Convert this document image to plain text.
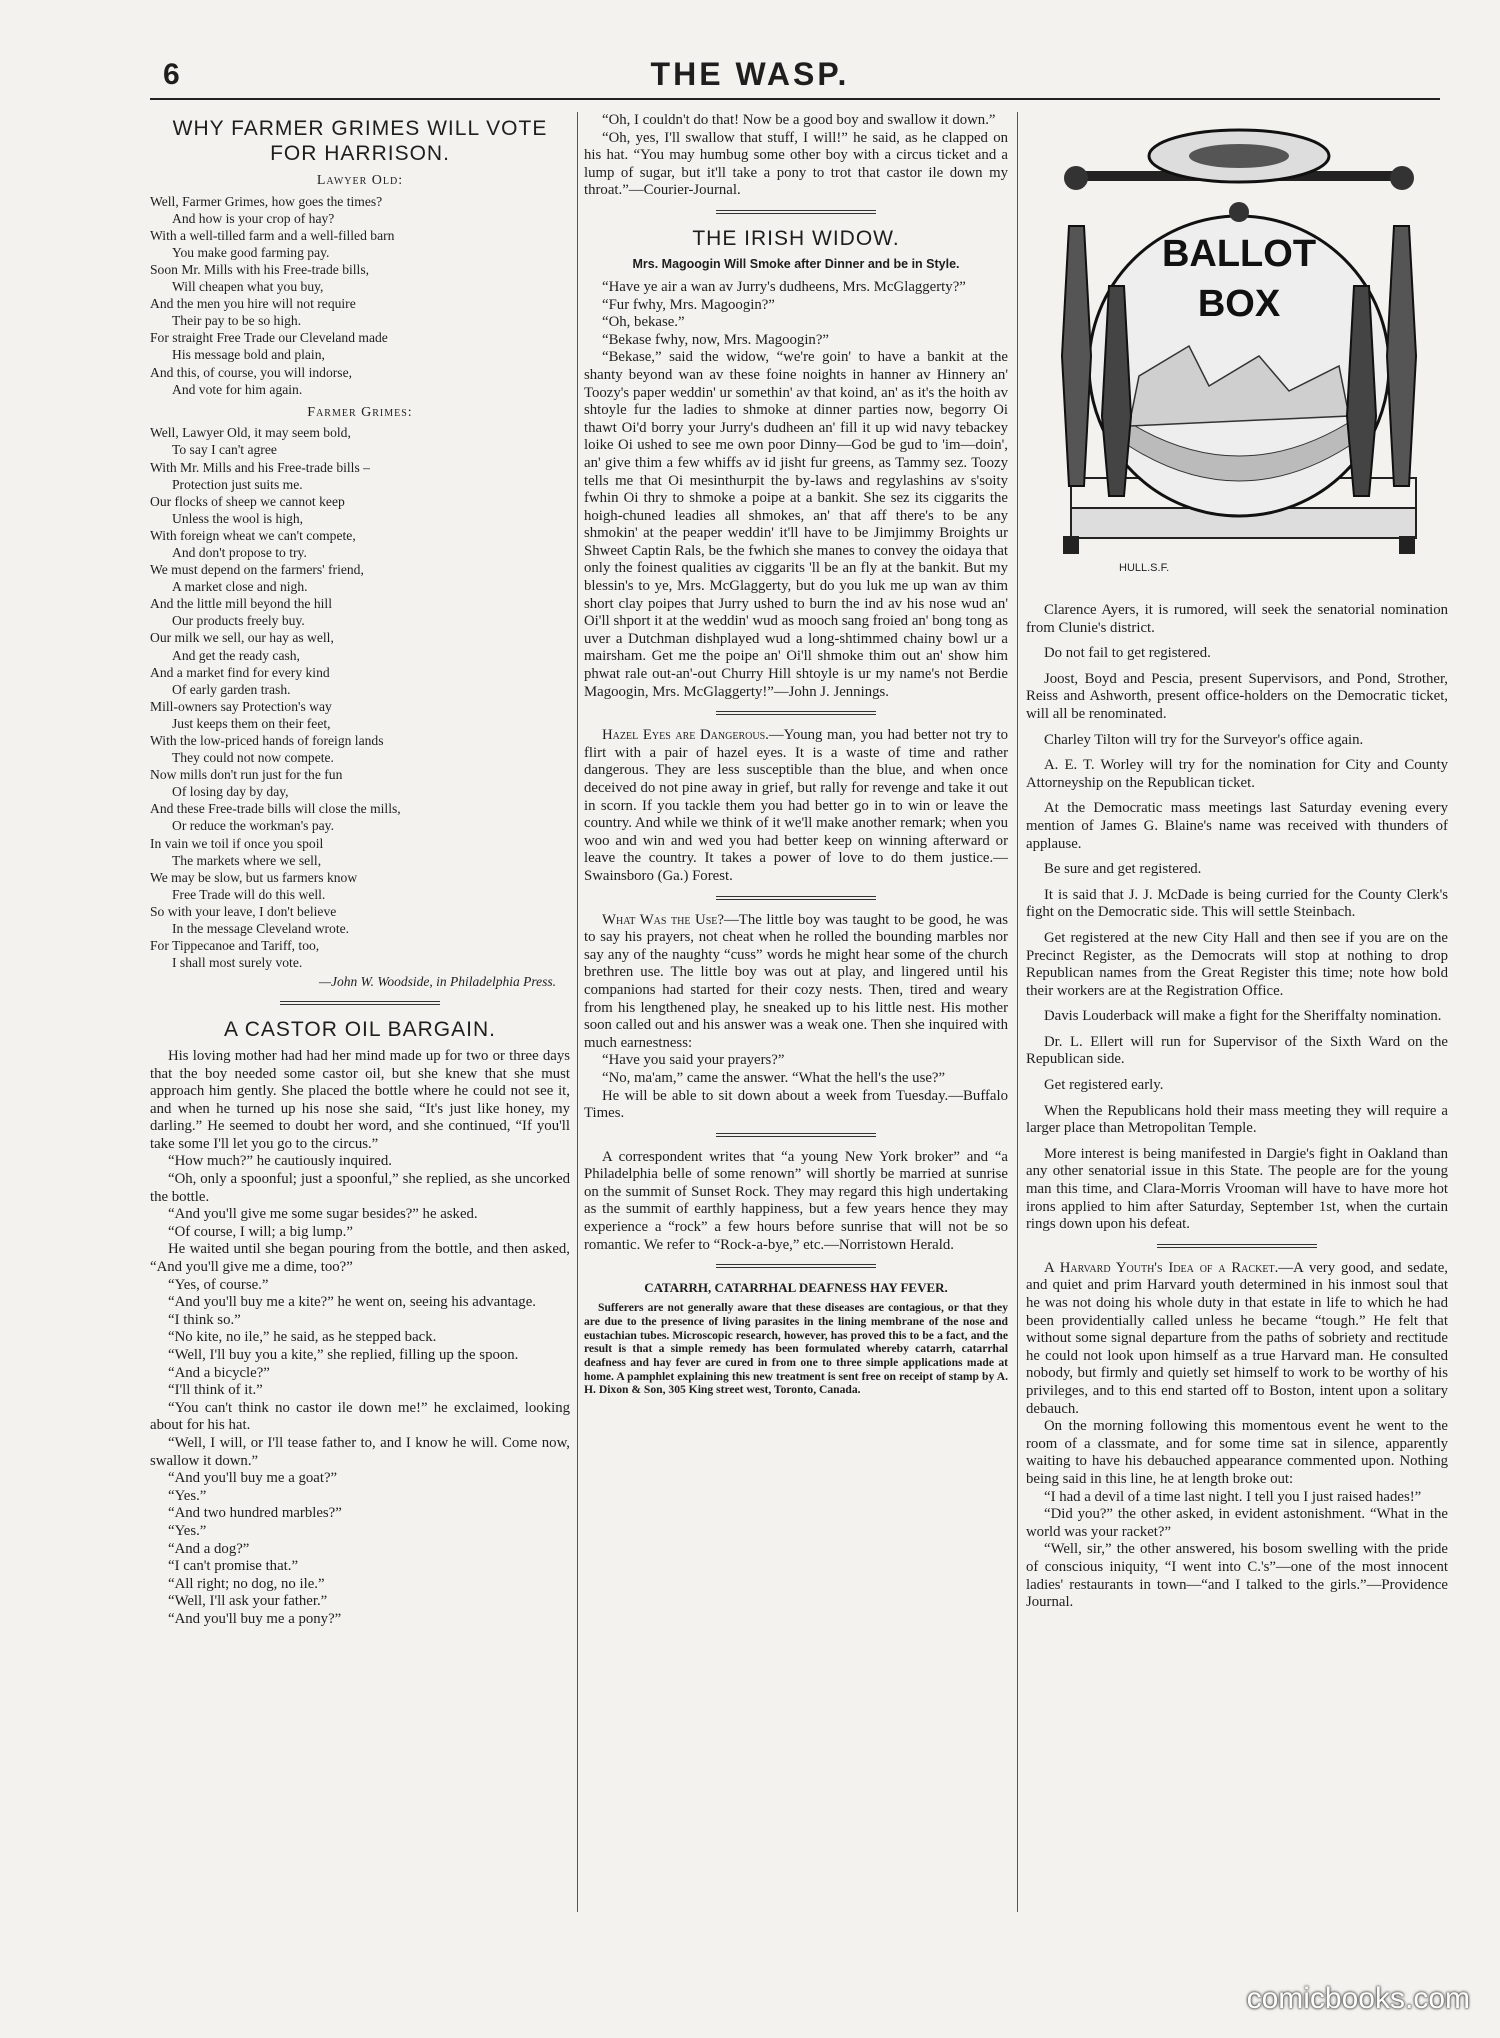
6	THE WASP.
WHY FARMER GRIMES WILL VOTE
FOR HARRISON.
Lawyer Old:
Well, Farmer Grimes, how goes the times?
And how is your crop of hay?
With a well-tilled farm and a well-filled barn
You make good farming pay.
Soon Mr. Mills with his Free-trade bills,
Will cheapen what you buy,
And the men you hire will not require
Their pay to be so high.
For straight Free Trade our Cleveland made
His message bold and plain,
And this, of course, you will indorse,
And vote for him again.
Farmer Grimes:
Well, Lawyer Old, it may seem bold,
To say I can't agree
With Mr. Mills and his Free-trade bills –
Protection just suits me.
Our flocks of sheep we cannot keep
Unless the wool is high,
With foreign wheat we can't compete,
And don't propose to try.
We must depend on the farmers' friend,
A market close and nigh.
And the little mill beyond the hill
Our products freely buy.
Our milk we sell, our hay as well,
And get the ready cash,
And a market find for every kind
Of early garden trash.
Mill-owners say Protection's way
Just keeps them on their feet,
With the low-priced hands of foreign lands
They could not now compete.
Now mills don't run just for the fun
Of losing day by day,
And these Free-trade bills will close the mills,
Or reduce the workman's pay.
In vain we toil if once you spoil
The markets where we sell,
We may be slow, but us farmers know
Free Trade will do this well.
So with your leave, I don't believe
In the message Cleveland wrote.
For Tippecanoe and Tariff, too,
I shall most surely vote.
—John W. Woodside, in Philadelphia Press.
A CASTOR OIL BARGAIN.

His loving mother had had her mind made up for two or three days that the boy needed some castor oil, but she knew that she must approach him gently. She placed the bottle where he could not see it, and when he turned up his nose she said, “It's just like honey, my darling.” He seemed to doubt her word, and she continued, “If you'll take some I'll let you go to the circus.”

“How much?” he cautiously inquired.

“Oh, only a spoonful; just a spoonful,” she replied, as she uncorked the bottle.

“And you'll give me some sugar besides?” he asked.

“Of course, I will; a big lump.”

He waited until she began pouring from the bottle, and then asked, “And you'll give me a dime, too?”

“Yes, of course.”

“And you'll buy me a kite?” he went on, seeing his advantage.

“I think so.”

“No kite, no ile,” he said, as he stepped back.

“Well, I'll buy you a kite,” she replied, filling up the spoon.

“And a bicycle?”

“I'll think of it.”

“You can't think no castor ile down me!” he exclaimed, looking about for his hat.

“Well, I will, or I'll tease father to, and I know he will. Come now, swallow it down.”

“And you'll buy me a goat?”

“Yes.”

“And two hundred marbles?”

“Yes.”

“And a dog?”

“I can't promise that.”

“All right; no dog, no ile.”

“Well, I'll ask your father.”

“And you'll buy me a pony?”

“Oh, I couldn't do that! Now be a good boy and swallow it down.”

“Oh, yes, I'll swallow that stuff, I will!” he said, as he clapped on his hat. “You may humbug some other boy with a circus ticket and a lump of sugar, but it'll take a pony to trot that castor ile down my throat.”—Courier-Journal.

THE IRISH WIDOW.
Mrs. Magoogin Will Smoke after Dinner and be in Style.

“Have ye air a wan av Jurry's dudheens, Mrs. McGlaggerty?”

“Fur fwhy, Mrs. Magoogin?”

“Oh, bekase.”

“Bekase fwhy, now, Mrs. Magoogin?”

“Bekase,” said the widow, “we're goin' to have a bankit at the shanty beyond wan av these foine noights in hanner av Hinnery an' Toozy's paper weddin' ur somethin' av that koind, an' as it's the hoith av shtoyle fur the ladies to shmoke at dinner parties now, begorry Oi thawt Oi'd borry your Jurry's dudheen an' fill it up wid navy tebackey loike Oi ushed to see me own poor Dinny—God be gud to 'im—doin', an' give thim a few whiffs av id jisht fur greens, as Tammy sez. Toozy tells me that Oi mesinthurpit the by-laws and regylashins av s'soity fwhin Oi thry to shmoke a poipe at a bankit. She sez its ciggarits the hoigh-chuned leadies all shmokes, an' that aff there's to be any shmokin' at the peaper weddin' it'll have to be Jimjimmy Broights ur Shweet Captin Rals, be the fwhich she manes to convey the oidaya that only the foinest qualities av ciggarits 'll be an fly at the bankit. But my blessin's to ye, Mrs. McGlaggerty, but do you luk me up wan av thim short clay poipes that Jurry ushed to burn the ind av his nose wud an' Oi'll shport it at the weddin' wud as mooch sang froied an' bong tong as uver a Dutchman dishplayed wud a long-shtimmed chainy bowl ur a mairsham. Get me the poipe an' Oi'll shmoke thim out an' show him phwat rale out-an'-out Churry Hill shtoyle is ur my name's not Berdie Magoogin, Mrs. McGlaggerty!”—John J. Jennings.

Hazel Eyes are Dangerous.—Young man, you had better not try to flirt with a pair of hazel eyes. It is a waste of time and rather dangerous. They are less susceptible than the blue, and when once deceived do not pine away in grief, but rally for revenge and take it out in scorn. If you tackle them you had better go in to win or leave the country. And while we think of it we'll make another remark; when you woo and win and wed you had better keep on winning afterward or leave the country. It takes a power of love to do them justice.—Swainsboro (Ga.) Forest.

What Was the Use?—The little boy was taught to be good, he was to say his prayers, not cheat when he rolled the bounding marbles nor say any of the naughty “cuss” words he might hear some of the church brethren use. The little boy was out at play, and lingered until his companions had started for their cozy nests. Then, tired and weary from his lengthened play, he sneaked up to his little nest. His mother soon called out and his answer was a weak one. Then she inquired with much earnestness:

“Have you said your prayers?”

“No, ma'am,” came the answer. “What the hell's the use?”

He will be able to sit down about a week from Tuesday.—Buffalo Times.

A correspondent writes that “a young New York broker” and “a Philadelphia belle of some renown” will shortly be married at sunrise on the summit of Sunset Rock. They may regard this high undertaking as the summit of earthly happiness, but a few years hence they may experience a “rock” a few hours before sunrise that will not be so romantic. We refer to “Rock-a-bye,” etc.—Norristown Herald.

CATARRH, CATARRHAL DEAFNESS HAY FEVER.
Sufferers are not generally aware that these diseases are contagious, or that they are due to the presence of living parasites in the lining membrane of the nose and eustachian tubes. Microscopic research, however, has proved this to be a fact, and the result is that a simple remedy has been formulated whereby catarrh, catarrhal deafness and hay fever are cured in from one to three simple applications made at home. A pamphlet explaining this new treatment is sent free on receipt of stamp by A. H. Dixon & Son, 305 King street west, Toronto, Canada.
BALLOT
BOX
HULL.S.F.

Clarence Ayers, it is rumored, will seek the senatorial nomination from Clunie's district.

Do not fail to get registered.

Joost, Boyd and Pescia, present Supervisors, and Pond, Strother, Reiss and Ashworth, present office-holders on the Democratic ticket, will all be renominated.

Charley Tilton will try for the Surveyor's office again.

A. E. T. Worley will try for the nomination for City and County Attorneyship on the Republican ticket.

At the Democratic mass meetings last Saturday evening every mention of James G. Blaine's name was received with thunders of applause.

Be sure and get registered.

It is said that J. J. McDade is being curried for the County Clerk's fight on the Democratic side. This will settle Steinbach.

Get registered at the new City Hall and then see if you are on the Precinct Register, as the Democrats will stop at nothing to drop Republican names from the Great Register this time; note how bold their workers are at the Registration Office.

Davis Louderback will make a fight for the Sheriffalty nomination.

Dr. L. Ellert will run for Supervisor of the Sixth Ward on the Republican side.

Get registered early.

When the Republicans hold their mass meeting they will require a larger place than Metropolitan Temple.

More interest is being manifested in Dargie's fight in Oakland than any other senatorial issue in this State. The people are for the young man this time, and Clara-Morris Vrooman will have to have more hot irons applied to him after Saturday, September 1st, when the curtain rings down upon his defeat.

A Harvard Youth's Idea of a Racket.—A very good, and sedate, and quiet and prim Harvard youth determined in his inmost soul that he was not doing his whole duty in that estate in life to which he had been providentially called unless he became “tough.” He felt that without some signal departure from the paths of sobriety and rectitude he could not look upon himself as a true Harvard man. He consulted nobody, but firmly and quietly set himself to work to be worthy of his privileges, and to this end started off to Boston, intent upon a solitary debauch.

On the morning following this momentous event he went to the room of a classmate, and for some time sat in silence, apparently waiting to have his debauched appearance commented upon. Nothing being said in this line, he at length broke out:

“I had a devil of a time last night. I tell you I just raised hades!”

“Did you?” the other asked, in evident astonishment. “What in the world was your racket?”

“Well, sir,” the other answered, his bosom swelling with the pride of conscious iniquity, “I went into C.'s”—one of the most innocent ladies' restaurants in town—“and I talked to the girls.”—Providence Journal.

comicbooks.com
